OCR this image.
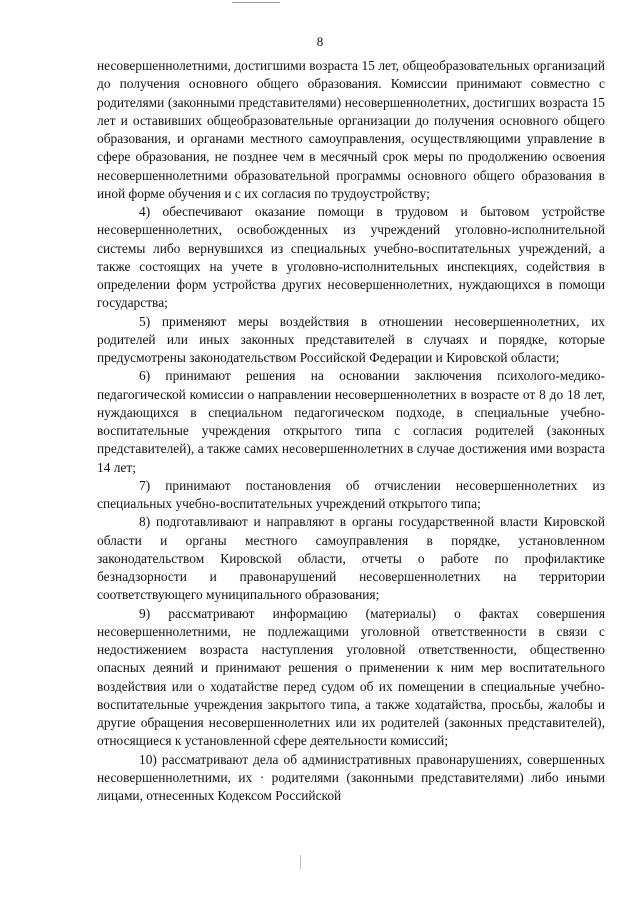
8

несовершеннолетними, достигшими возраста 15 лет, общеобразовательных организаций до получения основного общего образования. Комиссии принимают совместно с родителями (законными представителями) несовершеннолетних, достигших возраста 15 лет и оставивших общеобразовательные организации до получения основного общего образования, и органами местного самоуправления, осуществляющими управление в сфере образования, не позднее чем в месячный срок меры по продолжению освоения несовершеннолетними образовательной программы основного общего образования в иной форме обучения и с их согласия по трудоустройству;

4) обеспечивают оказание помощи в трудовом и бытовом устройстве несовершеннолетних, освобожденных из учреждений уголовно-исполнительной системы либо вернувшихся из специальных учебно-воспитательных учреждений, а также состоящих на учете в уголовно-исполнительных инспекциях, содействия в определении форм устройства других несовершеннолетних, нуждающихся в помощи государства;

5) применяют меры воздействия в отношении несовершеннолетних, их родителей или иных законных представителей в случаях и порядке, которые предусмотрены законодательством Российской Федерации и Кировской области;

6) принимают решения на основании заключения психолого-медико-педагогической комиссии о направлении несовершеннолетних в возрасте от 8 до 18 лет, нуждающихся в специальном педагогическом подходе, в специальные учебно-воспитательные учреждения открытого типа с согласия родителей (законных представителей), а также самих несовершеннолетних в случае достижения ими возраста 14 лет;

7) принимают постановления об отчислении несовершеннолетних из специальных учебно-воспитательных учреждений открытого типа;

8) подготавливают и направляют в органы государственной власти Кировской области и органы местного самоуправления в порядке, установленном законодательством Кировской области, отчеты о работе по профилактике безнадзорности и правонарушений несовершеннолетних на территории соответствующего муниципального образования;

9) рассматривают информацию (материалы) о фактах совершения несовершеннолетними, не подлежащими уголовной ответственности в связи с недостижением возраста наступления уголовной ответственности, общественно опасных деяний и принимают решения о применении к ним мер воспитательного воздействия или о ходатайстве перед судом об их помещении в специальные учебно-воспитательные учреждения закрытого типа, а также ходатайства, просьбы, жалобы и другие обращения несовершеннолетних или их родителей (законных представителей), относящиеся к установленной сфере деятельности комиссий;

10) рассматривают дела об административных правонарушениях, совершенных несовершеннолетними, их · родителями (законными представителями) либо иными лицами, отнесенных Кодексом Российской
